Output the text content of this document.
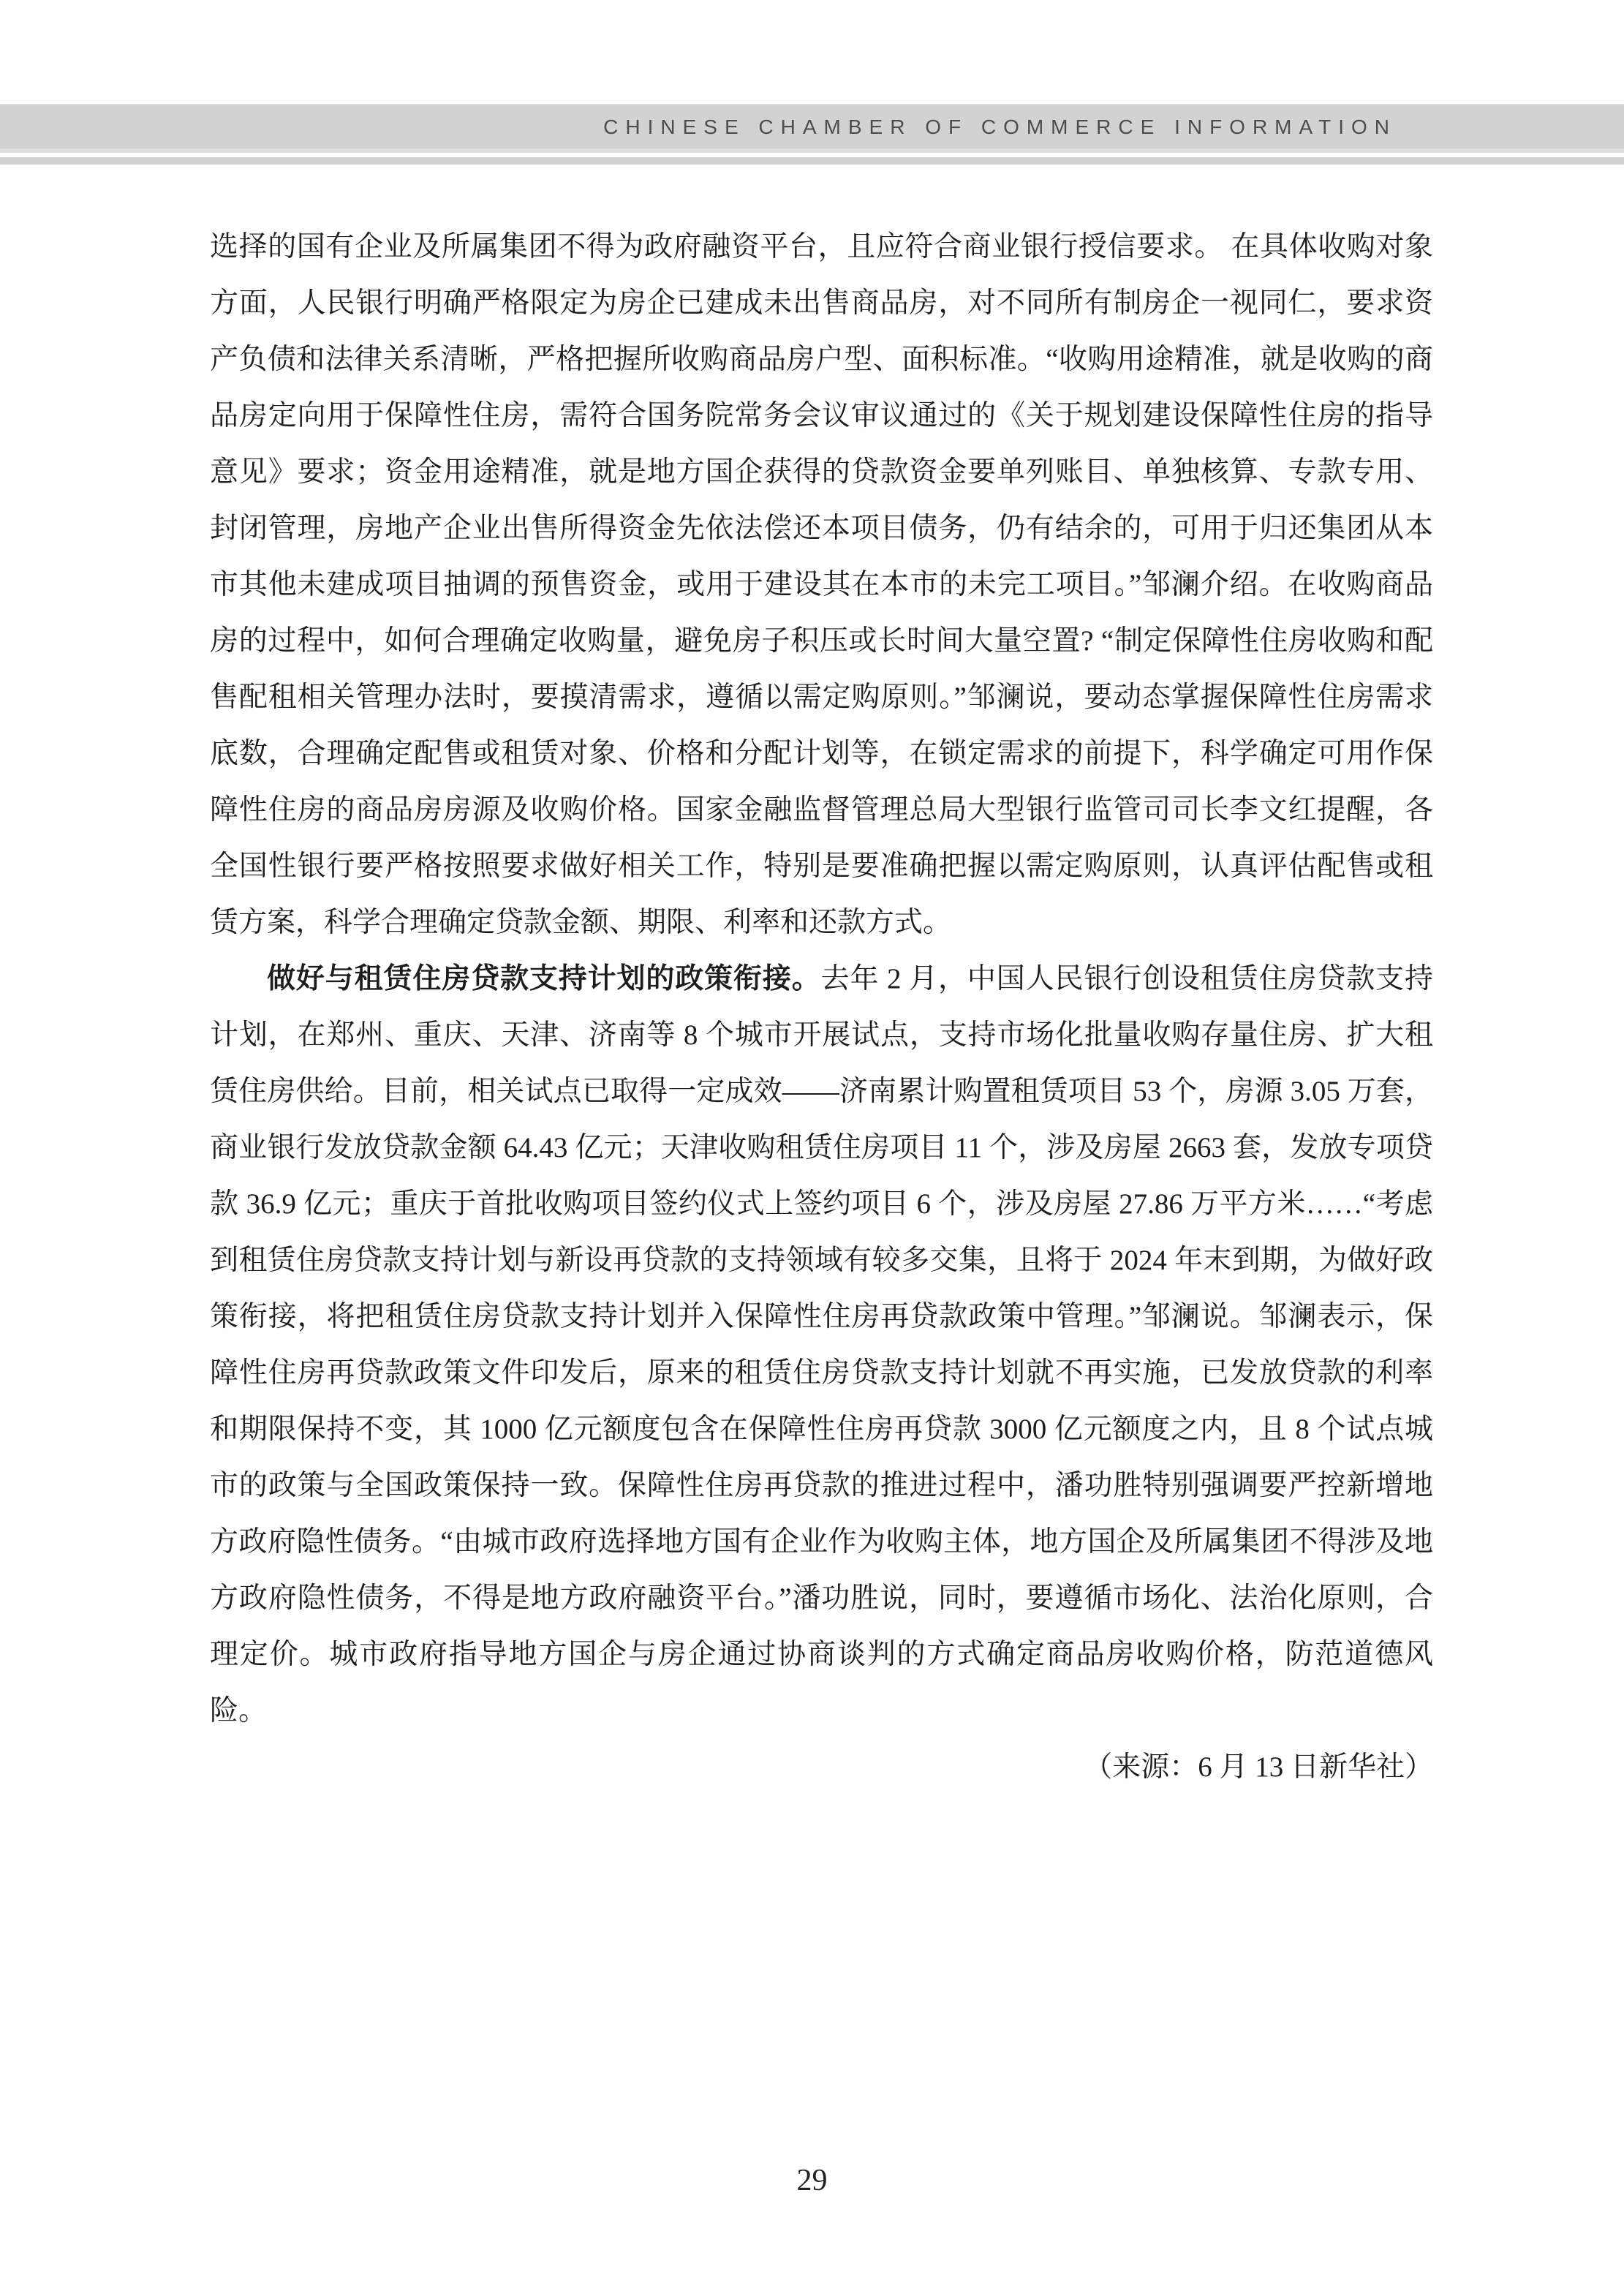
CHINESE CHAMBER OF COMMERCE INFORMATION

选择的国有企业及所属集团不得为政府融资平台，且应符合商业银行授信要求。 在具体收购对象方面，人民银行明确严格限定为房企已建成未出售商品房，对不同所有制房企一视同仁，要求资产负债和法律关系清晰，严格把握所收购商品房户型、面积标准。“收购用途精准，就是收购的商品房定向用于保障性住房，需符合国务院常务会议审议通过的《关于规划建设保障性住房的指导意见》要求；资金用途精准，就是地方国企获得的贷款资金要单列账目、单独核算、专款专用、封闭管理，房地产企业出售所得资金先依法偿还本项目债务，仍有结余的，可用于归还集团从本市其他未建成项目抽调的预售资金，或用于建设其在本市的未完工项目。”邹澜介绍。在收购商品房的过程中，如何合理确定收购量，避免房子积压或长时间大量空置? “制定保障性住房收购和配售配租相关管理办法时，要摸清需求，遵循以需定购原则。”邹澜说，要动态掌握保障性住房需求底数，合理确定配售或租赁对象、价格和分配计划等，在锁定需求的前提下，科学确定可用作保障性住房的商品房房源及收购价格。国家金融监督管理总局大型银行监管司司长李文红提醒，各全国性银行要严格按照要求做好相关工作，特别是要准确把握以需定购原则，认真评估配售或租赁方案，科学合理确定贷款金额、期限、利率和还款方式。

做好与租赁住房贷款支持计划的政策衔接。去年 2 月，中国人民银行创设租赁住房贷款支持计划，在郑州、重庆、天津、济南等 8 个城市开展试点，支持市场化批量收购存量住房、扩大租赁住房供给。目前，相关试点已取得一定成效——济南累计购置租赁项目 53 个，房源 3.05 万套，商业银行发放贷款金额 64.43 亿元；天津收购租赁住房项目 11 个，涉及房屋 2663 套，发放专项贷款 36.9 亿元；重庆于首批收购项目签约仪式上签约项目 6 个，涉及房屋 27.86 万平方米……“考虑到租赁住房贷款支持计划与新设再贷款的支持领域有较多交集，且将于 2024 年末到期，为做好政策衔接，将把租赁住房贷款支持计划并入保障性住房再贷款政策中管理。”邹澜说。邹澜表示，保障性住房再贷款政策文件印发后，原来的租赁住房贷款支持计划就不再实施，已发放贷款的利率和期限保持不变，其 1000 亿元额度包含在保障性住房再贷款 3000 亿元额度之内，且 8 个试点城市的政策与全国政策保持一致。保障性住房再贷款的推进过程中，潘功胜特别强调要严控新增地方政府隐性债务。“由城市政府选择地方国有企业作为收购主体，地方国企及所属集团不得涉及地方政府隐性债务，不得是地方政府融资平台。”潘功胜说，同时，要遵循市场化、法治化原则，合理定价。城市政府指导地方国企与房企通过协商谈判的方式确定商品房收购价格，防范道德风险。

（来源：6 月 13 日新华社）

29
